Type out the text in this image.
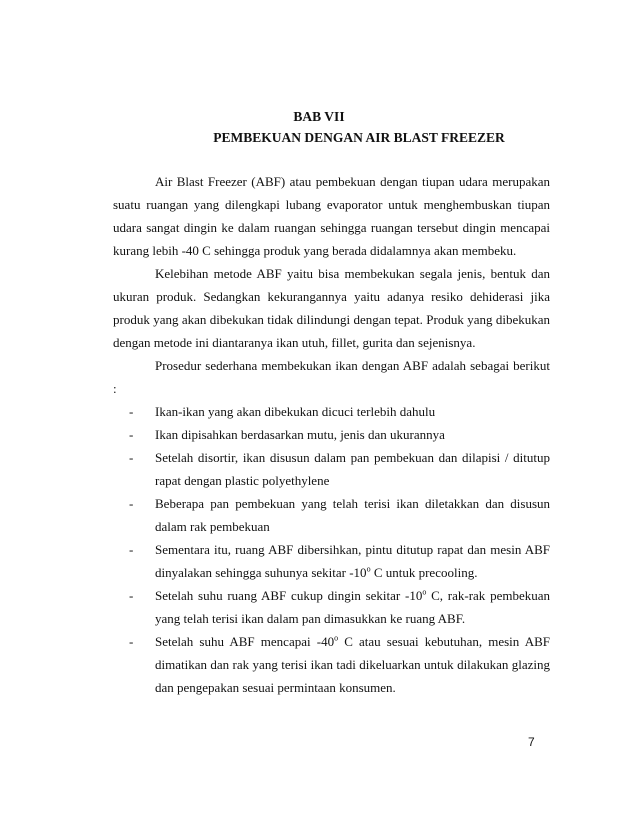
BAB VII
PEMBEKUAN DENGAN AIR BLAST FREEZER

Air Blast Freezer (ABF) atau pembekuan dengan tiupan udara merupakan suatu ruangan yang dilengkapi lubang evaporator untuk menghembuskan tiupan udara sangat dingin ke dalam ruangan sehingga ruangan tersebut dingin mencapai kurang lebih -40 C sehingga produk yang berada didalamnya akan membeku.

Kelebihan metode ABF yaitu bisa membekukan segala jenis, bentuk dan ukuran produk. Sedangkan kekurangannya yaitu adanya resiko dehiderasi jika produk yang akan dibekukan tidak dilindungi dengan tepat. Produk yang dibekukan dengan metode ini diantaranya ikan utuh, fillet, gurita dan sejenisnya.

Prosedur sederhana membekukan ikan dengan ABF adalah sebagai berikut :

- Ikan-ikan yang akan dibekukan dicuci terlebih dahulu
- Ikan dipisahkan berdasarkan mutu, jenis dan ukurannya
- Setelah disortir, ikan disusun dalam pan pembekuan dan dilapisi / ditutup rapat dengan plastic polyethylene
- Beberapa pan pembekuan yang telah terisi ikan diletakkan dan disusun dalam rak pembekuan
- Sementara itu, ruang ABF dibersihkan, pintu ditutup rapat dan mesin ABF dinyalakan sehingga suhunya sekitar -10$^o$ C untuk precooling.
- Setelah suhu ruang ABF cukup dingin sekitar -10$^o$ C, rak-rak pembekuan yang telah terisi ikan dalam pan dimasukkan ke ruang ABF.
- Setelah suhu ABF mencapai -40$^o$ C atau sesuai kebutuhan, mesin ABF dimatikan dan rak yang terisi ikan tadi dikeluarkan untuk dilakukan glazing dan pengepakan sesuai permintaan konsumen.
7
